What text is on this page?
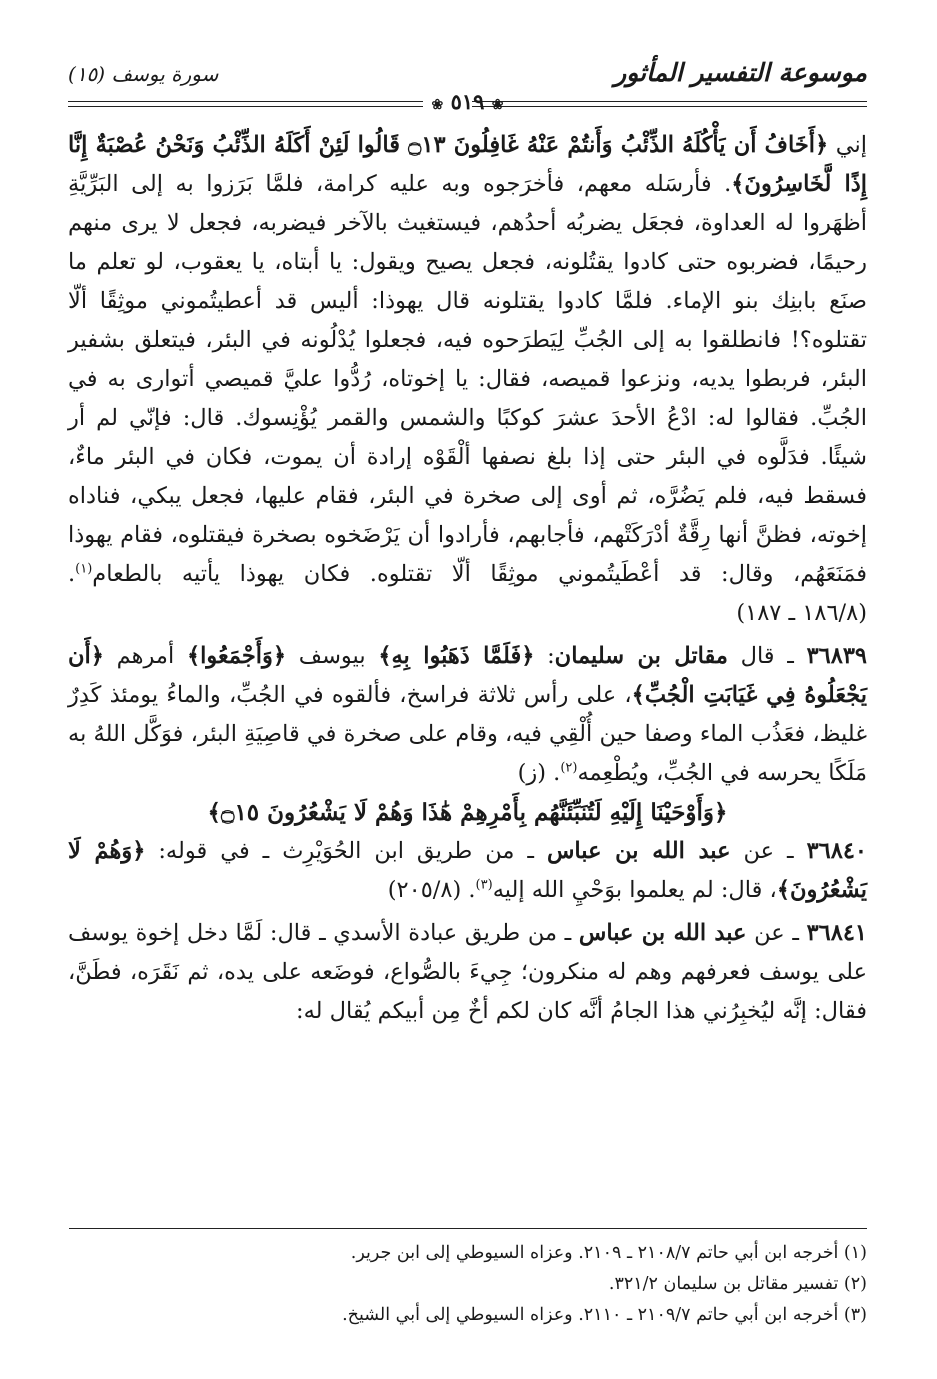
موسوعة التفسير المأثور
سورة يوسف (١٥)
❀ ٥١٩ ❀

إني ﴿أَخَافُ أَن يَأْكُلَهُ الذِّئْبُ وَأَنتُمْ عَنْهُ غَافِلُونَ ۝١٣ قَالُوا لَئِنْ أَكَلَهُ الذِّئْبُ وَنَحْنُ عُصْبَةٌ إِنَّا إِذًا لَّخَاسِرُونَ﴾. فأرسَله معهم، فأخرَجوه وبه عليه كرامة، فلمَّا بَرَزوا به إلى البَرِّيَّةِ أظهَروا له العداوة، فجعَل يضربُه أحدُهم، فيستغيث بالآخر فيضربه، فجعل لا يرى منهم رحيمًا، فضربوه حتى كادوا يقتُلونه، فجعل يصيح ويقول: يا أبتاه، يا يعقوب، لو تعلم ما صنَع بابنِك بنو الإماء. فلمَّا كادوا يقتلونه قال يهوذا: أليس قد أعطيتُموني موثِقًا ألّا تقتلوه؟! فانطلقوا به إلى الجُبِّ لِيَطرَحوه فيه، فجعلوا يُدْلُونه في البئر، فيتعلق بشفير البئر، فربطوا يديه، ونزعوا قميصه، فقال: يا إخوتاه، رُدُّوا عليَّ قميصي أتوارى به في الجُبِّ. فقالوا له: ادْعُ الأحدَ عشرَ كوكبًا والشمس والقمر يُؤْنِسوك. قال: فإنّي لم أر شيئًا. فدَلَّوه في البئر حتى إذا بلغ نصفها ألْقَوْه إرادة أن يموت، فكان في البئر ماءٌ، فسقط فيه، فلم يَضُرَّه، ثم أوى إلى صخرة في البئر، فقام عليها، فجعل يبكي، فناداه إخوته، فظنَّ أنها رِقَّةٌ أدْرَكَتْهم، فأجابهم، فأرادوا أن يَرْضَخوه بصخرة فيقتلوه، فقام يهوذا فمَنَعَهُم، وقال: قد أعْطَيتُموني موثِقًا ألّا تقتلوه. فكان يهوذا يأتيه بالطعام$^{(١)}$. (١٨٦/٨ ـ ١٨٧)

٣٦٨٣٩ ـ قال مقاتل بن سليمان: ﴿فَلَمَّا ذَهَبُوا بِهِ﴾ بيوسف ﴿وَأَجْمَعُوا﴾ أمرهم ﴿أَن يَجْعَلُوهُ فِي غَيَابَتِ الْجُبِّ﴾، على رأس ثلاثة فراسخ، فألقوه في الجُبِّ، والماءُ يومئذ كَدِرٌ غليظ، فعَذُب الماء وصفا حين أُلْقِي فيه، وقام على صخرة في قاصِيَةِ البئر، فوَكَّل اللهُ به مَلَكًا يحرسه في الجُبِّ، ويُطْعِمه$^{(٢)}$. (ز)

﴿وَأَوْحَيْنَا إِلَيْهِ لَتُنَبِّئَنَّهُم بِأَمْرِهِمْ هَٰذَا وَهُمْ لَا يَشْعُرُونَ ۝١٥﴾

٣٦٨٤٠ ـ عن عبد الله بن عباس ـ من طريق ابن الحُوَيْرِث ـ في قوله: ﴿وَهُمْ لَا يَشْعُرُونَ﴾، قال: لم يعلموا بوَحْيِ الله إليه$^{(٣)}$. (٢٠٥/٨)

٣٦٨٤١ ـ عن عبد الله بن عباس ـ من طريق عبادة الأسدي ـ قال: لَمَّا دخل إخوة يوسف على يوسف فعرفهم وهم له منكرون؛ جِيءَ بالصُّواع، فوضَعه على يده، ثم نَقَرَه، فطَنَّ، فقال: إنَّه ليُخبِرُني هذا الجامُ أنَّه كان لكم أخٌ مِن أبيكم يُقال له:

(١) أخرجه ابن أبي حاتم ٢١٠٨/٧ ـ ٢١٠٩. وعزاه السيوطي إلى ابن جرير.

(٢) تفسير مقاتل بن سليمان ٣٢١/٢.

(٣) أخرجه ابن أبي حاتم ٢١٠٩/٧ ـ ٢١١٠. وعزاه السيوطي إلى أبي الشيخ.
